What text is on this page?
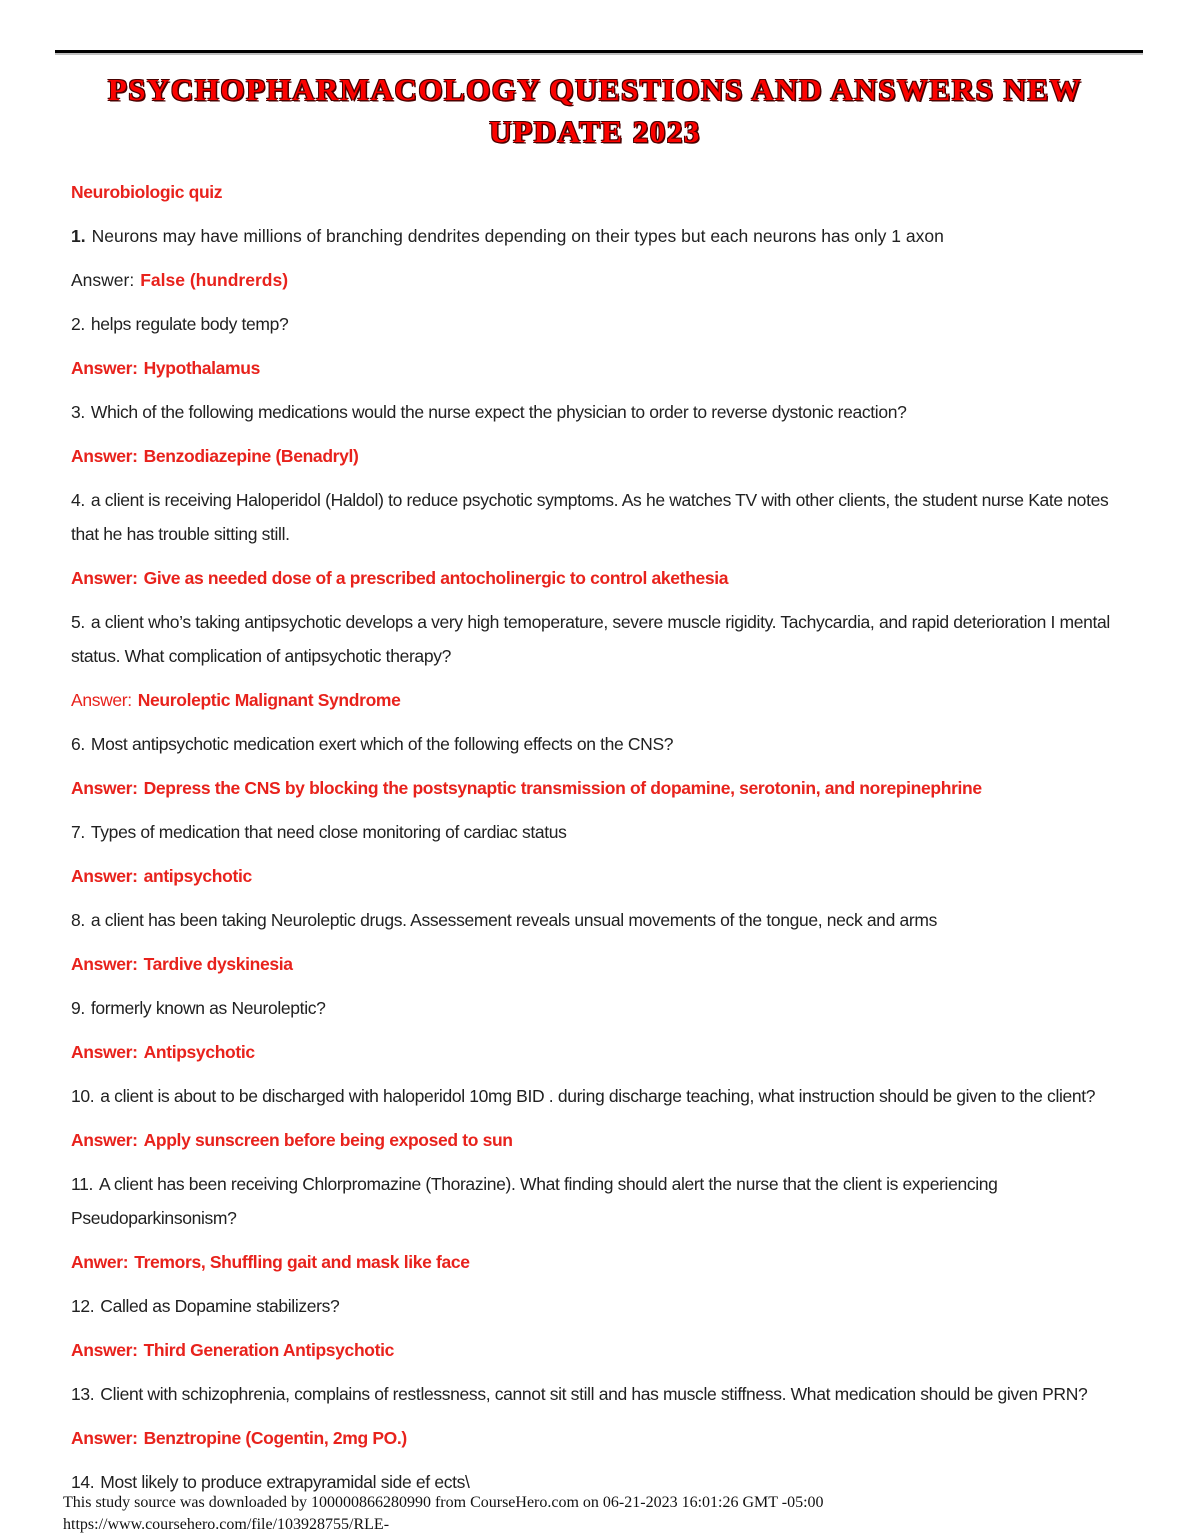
PSYCHOPHARMACOLOGY QUESTIONS AND ANSWERS NEW
UPDATE 2023

Neurobiologic quiz

1. Neurons may have millions of branching dendrites depending on their types but each neurons has only 1 axon

Answer: False (hundrerds)

2. helps regulate body temp?

Answer: Hypothalamus

3. Which of the following medications would the nurse expect the physician to order to reverse dystonic reaction?

Answer: Benzodiazepine (Benadryl)

4. a client is receiving Haloperidol (Haldol) to reduce psychotic symptoms. As he watches TV with other clients, the student nurse Kate notes that he has trouble sitting still.

Answer: Give as needed dose of a prescribed antocholinergic to control akethesia

5. a client who’s taking antipsychotic develops a very high temoperature, severe muscle rigidity. Tachycardia, and rapid deterioration I mental status. What complication of antipsychotic therapy?

Answer: Neuroleptic Malignant Syndrome

6. Most antipsychotic medication exert which of the following effects on the CNS?

Answer: Depress the CNS by blocking the postsynaptic transmission of dopamine, serotonin, and norepinephrine

7. Types of medication that need close monitoring of cardiac status

Answer: antipsychotic

8. a client has been taking Neuroleptic drugs. Assessement reveals unsual movements of the tongue, neck and arms

Answer: Tardive dyskinesia

9. formerly known as Neuroleptic?

Answer: Antipsychotic

10. a client is about to be discharged with haloperidol 10mg BID . during discharge teaching, what instruction should be given to the client?

Answer: Apply sunscreen before being exposed to sun

11. A client has been receiving Chlorpromazine (Thorazine). What finding should alert the nurse that the client is experiencing Pseudoparkinsonism?

Anwer: Tremors, Shuffling gait and mask like face

12. Called as Dopamine stabilizers?

Answer: Third Generation Antipsychotic

13. Client with schizophrenia, complains of restlessness, cannot sit still and has muscle stiffness. What medication should be given PRN?

Answer: Benztropine (Cogentin, 2mg PO.)

14. Most likely to produce extrapyramidal side ef ects\

This study source was downloaded by 100000866280990 from CourseHero.com on 06-21-2023 16:01:26 GMT -05:00
https://www.coursehero.com/file/103928755/RLE-
